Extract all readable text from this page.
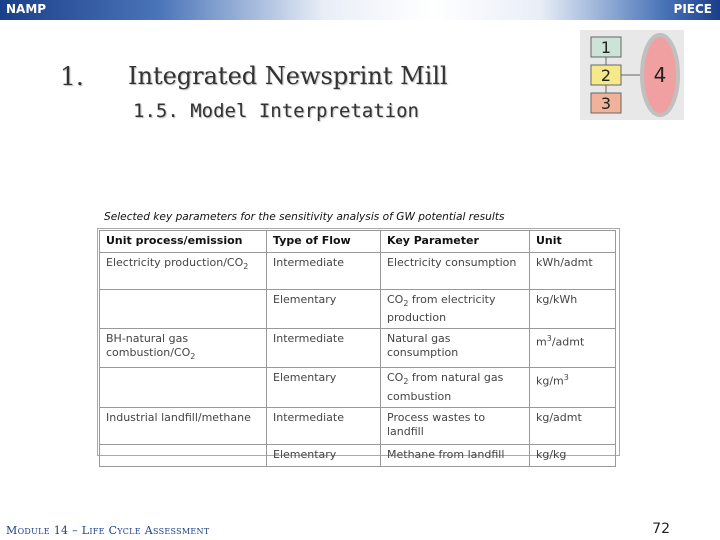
NAMP	PIECE
1. Integrated Newsprint Mill
1.5. Model Interpretation
1
2
3
4
Selected key parameters for the sensitivity analysis of GW potential results
Unit process/emission	Type of Flow	Key Parameter	Unit
Electricity production/$CO_2$	Intermediate	Electricity consumption	kWh/admt
	Elementary	$CO_2$ from electricity production	kg/kWh
BH-natural gas combustion/$CO_2$	Intermediate	Natural gas consumption	$m^3$/admt
	Elementary	$CO_2$ from natural gas combustion	$kg/m^3$
Industrial landfill/methane	Intermediate	Process wastes to landfill	kg/admt
	Elementary	Methane from landfill	kg/kg
Module 14 – Life Cycle Assessment	72
